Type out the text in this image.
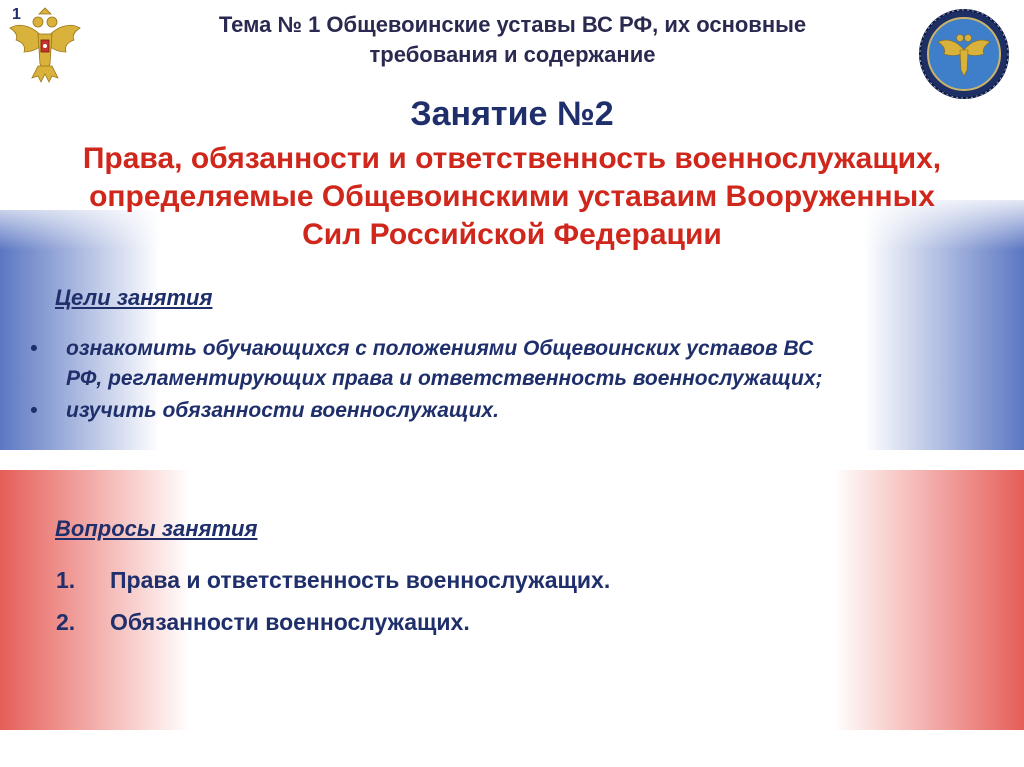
1	Тема № 1 Общевоинские уставы ВС РФ, их основные
требования и содержание
Занятие №2
Права, обязанности и ответственность военнослужащих,
определяемые Общевоинскими уставаим Вооруженных
Сил Российской Федерации
Цели занятия
• ознакомить обучающихся с положениями Общевоинских уставов ВС
РФ, регламентирующих права и ответственность военнослужащих;
• изучить обязанности военнослужащих.
Вопросы занятия
1. Права и ответственность военнослужащих.
2. Обязанности военнослужащих.
